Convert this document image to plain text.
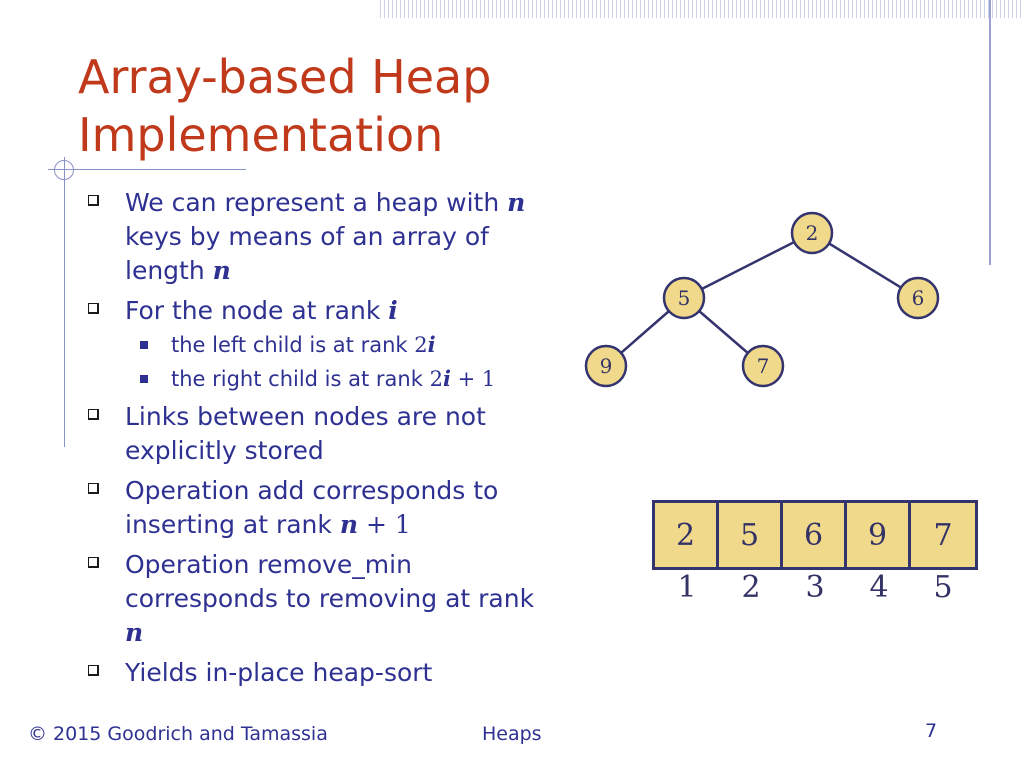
Array-based Heap
Implementation
We can represent a heap with n keys by means of an array of length n
For the node at rank i
the left child is at rank 2i
the right child is at rank 2i + 1
Links between nodes are not explicitly stored
Operation add corresponds to inserting at rank n + 1
Operation remove_min corresponds to removing at rank n
Yields in-place heap-sort
2
5	6
9	7
2	5	6	9	7
1	2	3	4	5
© 2015 Goodrich and Tamassia	Heaps	7
